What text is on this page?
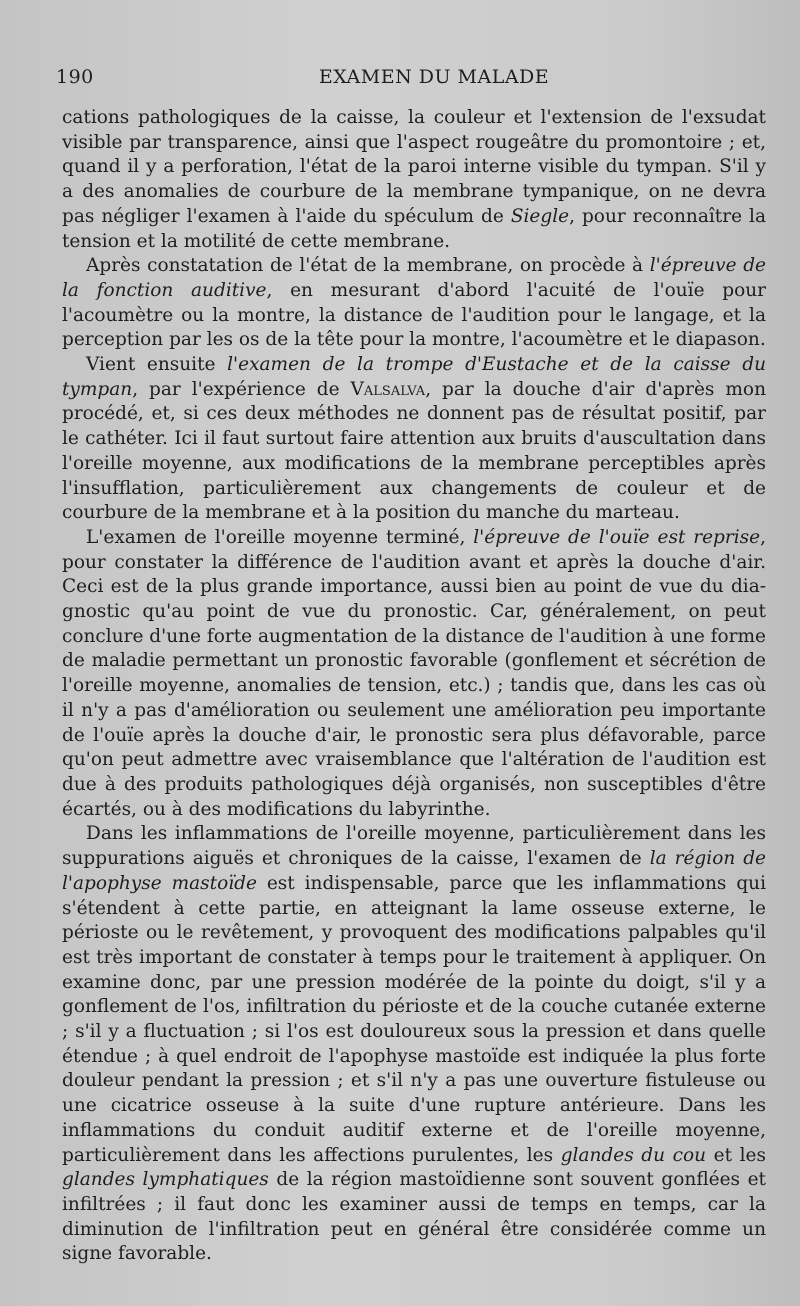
190	EXAMEN DU MALADE

cations pathologiques de la caisse, la couleur et l'extension de l'exsudat visible par transparence, ainsi que l'aspect rougeâtre du promontoire ; et, quand il y a perforation, l'état de la paroi interne visible du tympan. S'il y a des anomalies de courbure de la membrane tympanique, on ne devra pas négliger l'examen à l'aide du spéculum de Siegle, pour reconnaître la tension et la motilité de cette membrane.

Après constatation de l'état de la membrane, on procède à l'épreuve de la fonction auditive, en mesurant d'abord l'acuité de l'ouïe pour l'acoumètre ou la montre, la distance de l'audition pour le langage, et la perception par les os de la tête pour la montre, l'acoumètre et le diapason.

Vient ensuite l'examen de la trompe d'Eustache et de la caisse du tympan, par l'expérience de Valsalva, par la douche d'air d'après mon procédé, et, si ces deux méthodes ne donnent pas de résultat positif, par le cathéter. Ici il faut surtout faire attention aux bruits d'auscultation dans l'oreille moyenne, aux modifications de la membrane perceptibles après l'insufflation, particulièrement aux changements de couleur et de courbure de la membrane et à la position du manche du marteau.

L'examen de l'oreille moyenne terminé, l'épreuve de l'ouïe est reprise, pour constater la différence de l'audition avant et après la douche d'air. Ceci est de la plus grande importance, aussi bien au point de vue du diagnostic qu'au point de vue du pronostic. Car, généralement, on peut conclure d'une forte augmentation de la distance de l'audition à une forme de maladie permettant un pronostic favorable (gonflement et sécrétion de l'oreille moyenne, anomalies de tension, etc.) ; tandis que, dans les cas où il n'y a pas d'amélioration ou seulement une amélioration peu importante de l'ouïe après la douche d'air, le pronostic sera plus défavorable, parce qu'on peut admettre avec vraisemblance que l'altération de l'audition est due à des produits pathologiques déjà organisés, non susceptibles d'être écartés, ou à des modifications du labyrinthe.

Dans les inflammations de l'oreille moyenne, particulièrement dans les suppurations aiguës et chroniques de la caisse, l'examen de la région de l'apophyse mastoïde est indispensable, parce que les inflammations qui s'étendent à cette partie, en atteignant la lame osseuse externe, le périoste ou le revêtement, y provoquent des modifications palpables qu'il est très important de constater à temps pour le traitement à appliquer. On examine donc, par une pression modérée de la pointe du doigt, s'il y a gonflement de l'os, infiltration du périoste et de la couche cutanée externe ; s'il y a fluctuation ; si l'os est douloureux sous la pression et dans quelle étendue ; à quel endroit de l'apophyse mastoïde est indiquée la plus forte douleur pendant la pression ; et s'il n'y a pas une ouverture fistuleuse ou une cicatrice osseuse à la suite d'une rupture antérieure. Dans les inflammations du conduit auditif externe et de l'oreille moyenne, particulièrement dans les affections purulentes, les glandes du cou et les glandes lymphatiques de la région mastoïdienne sont souvent gonflées et infiltrées ; il faut donc les examiner aussi de temps en temps, car la diminution de l'infiltration peut en général être considérée comme un signe favorable.
